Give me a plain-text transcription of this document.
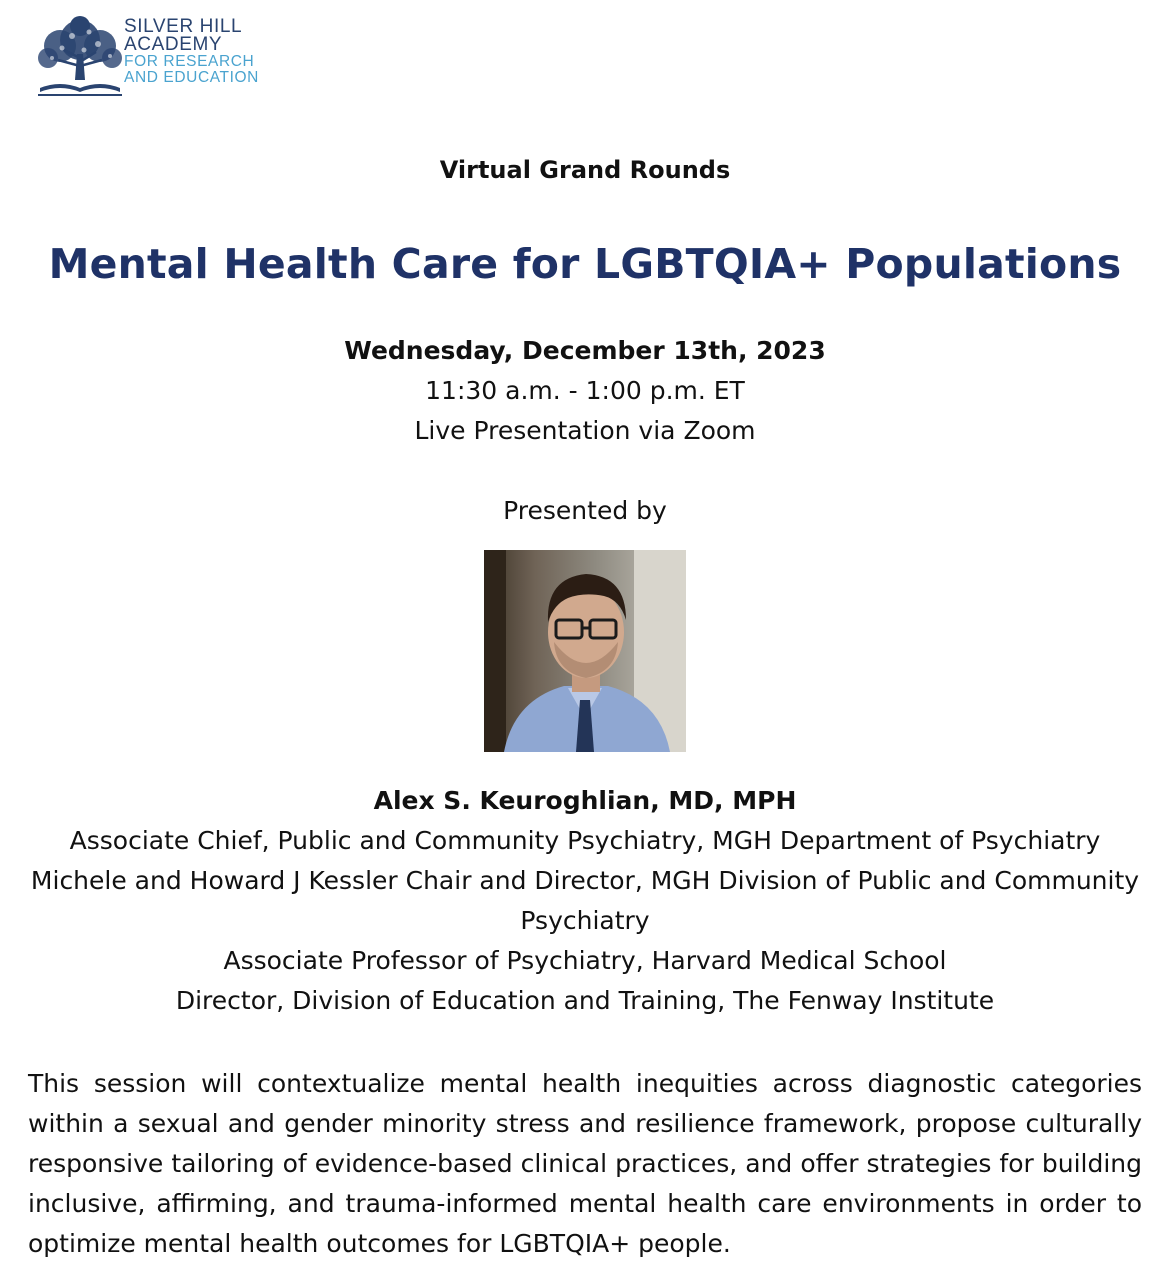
SILVER HILL
ACADEMY
FOR RESEARCH
AND EDUCATION
Virtual Grand Rounds
Mental Health Care for LGBTQIA+ Populations
Wednesday, December 13th, 2023
11:30 a.m. - 1:00 p.m. ET
Live Presentation via Zoom
Presented by
Alex S. Keuroghlian, MD, MPH
Associate Chief, Public and Community Psychiatry, MGH Department of Psychiatry
Michele and Howard J Kessler Chair and Director, MGH Division of Public and Community
Psychiatry
Associate Professor of Psychiatry, Harvard Medical School
Director, Division of Education and Training, The Fenway Institute
This session will contextualize mental health inequities across diagnostic categories within a sexual and gender minority stress and resilience framework, propose culturally responsive tailoring of evidence-based clinical practices, and offer strategies for building inclusive, affirming, and trauma-informed mental health care environments in order to optimize mental health outcomes for LGBTQIA+ people.
